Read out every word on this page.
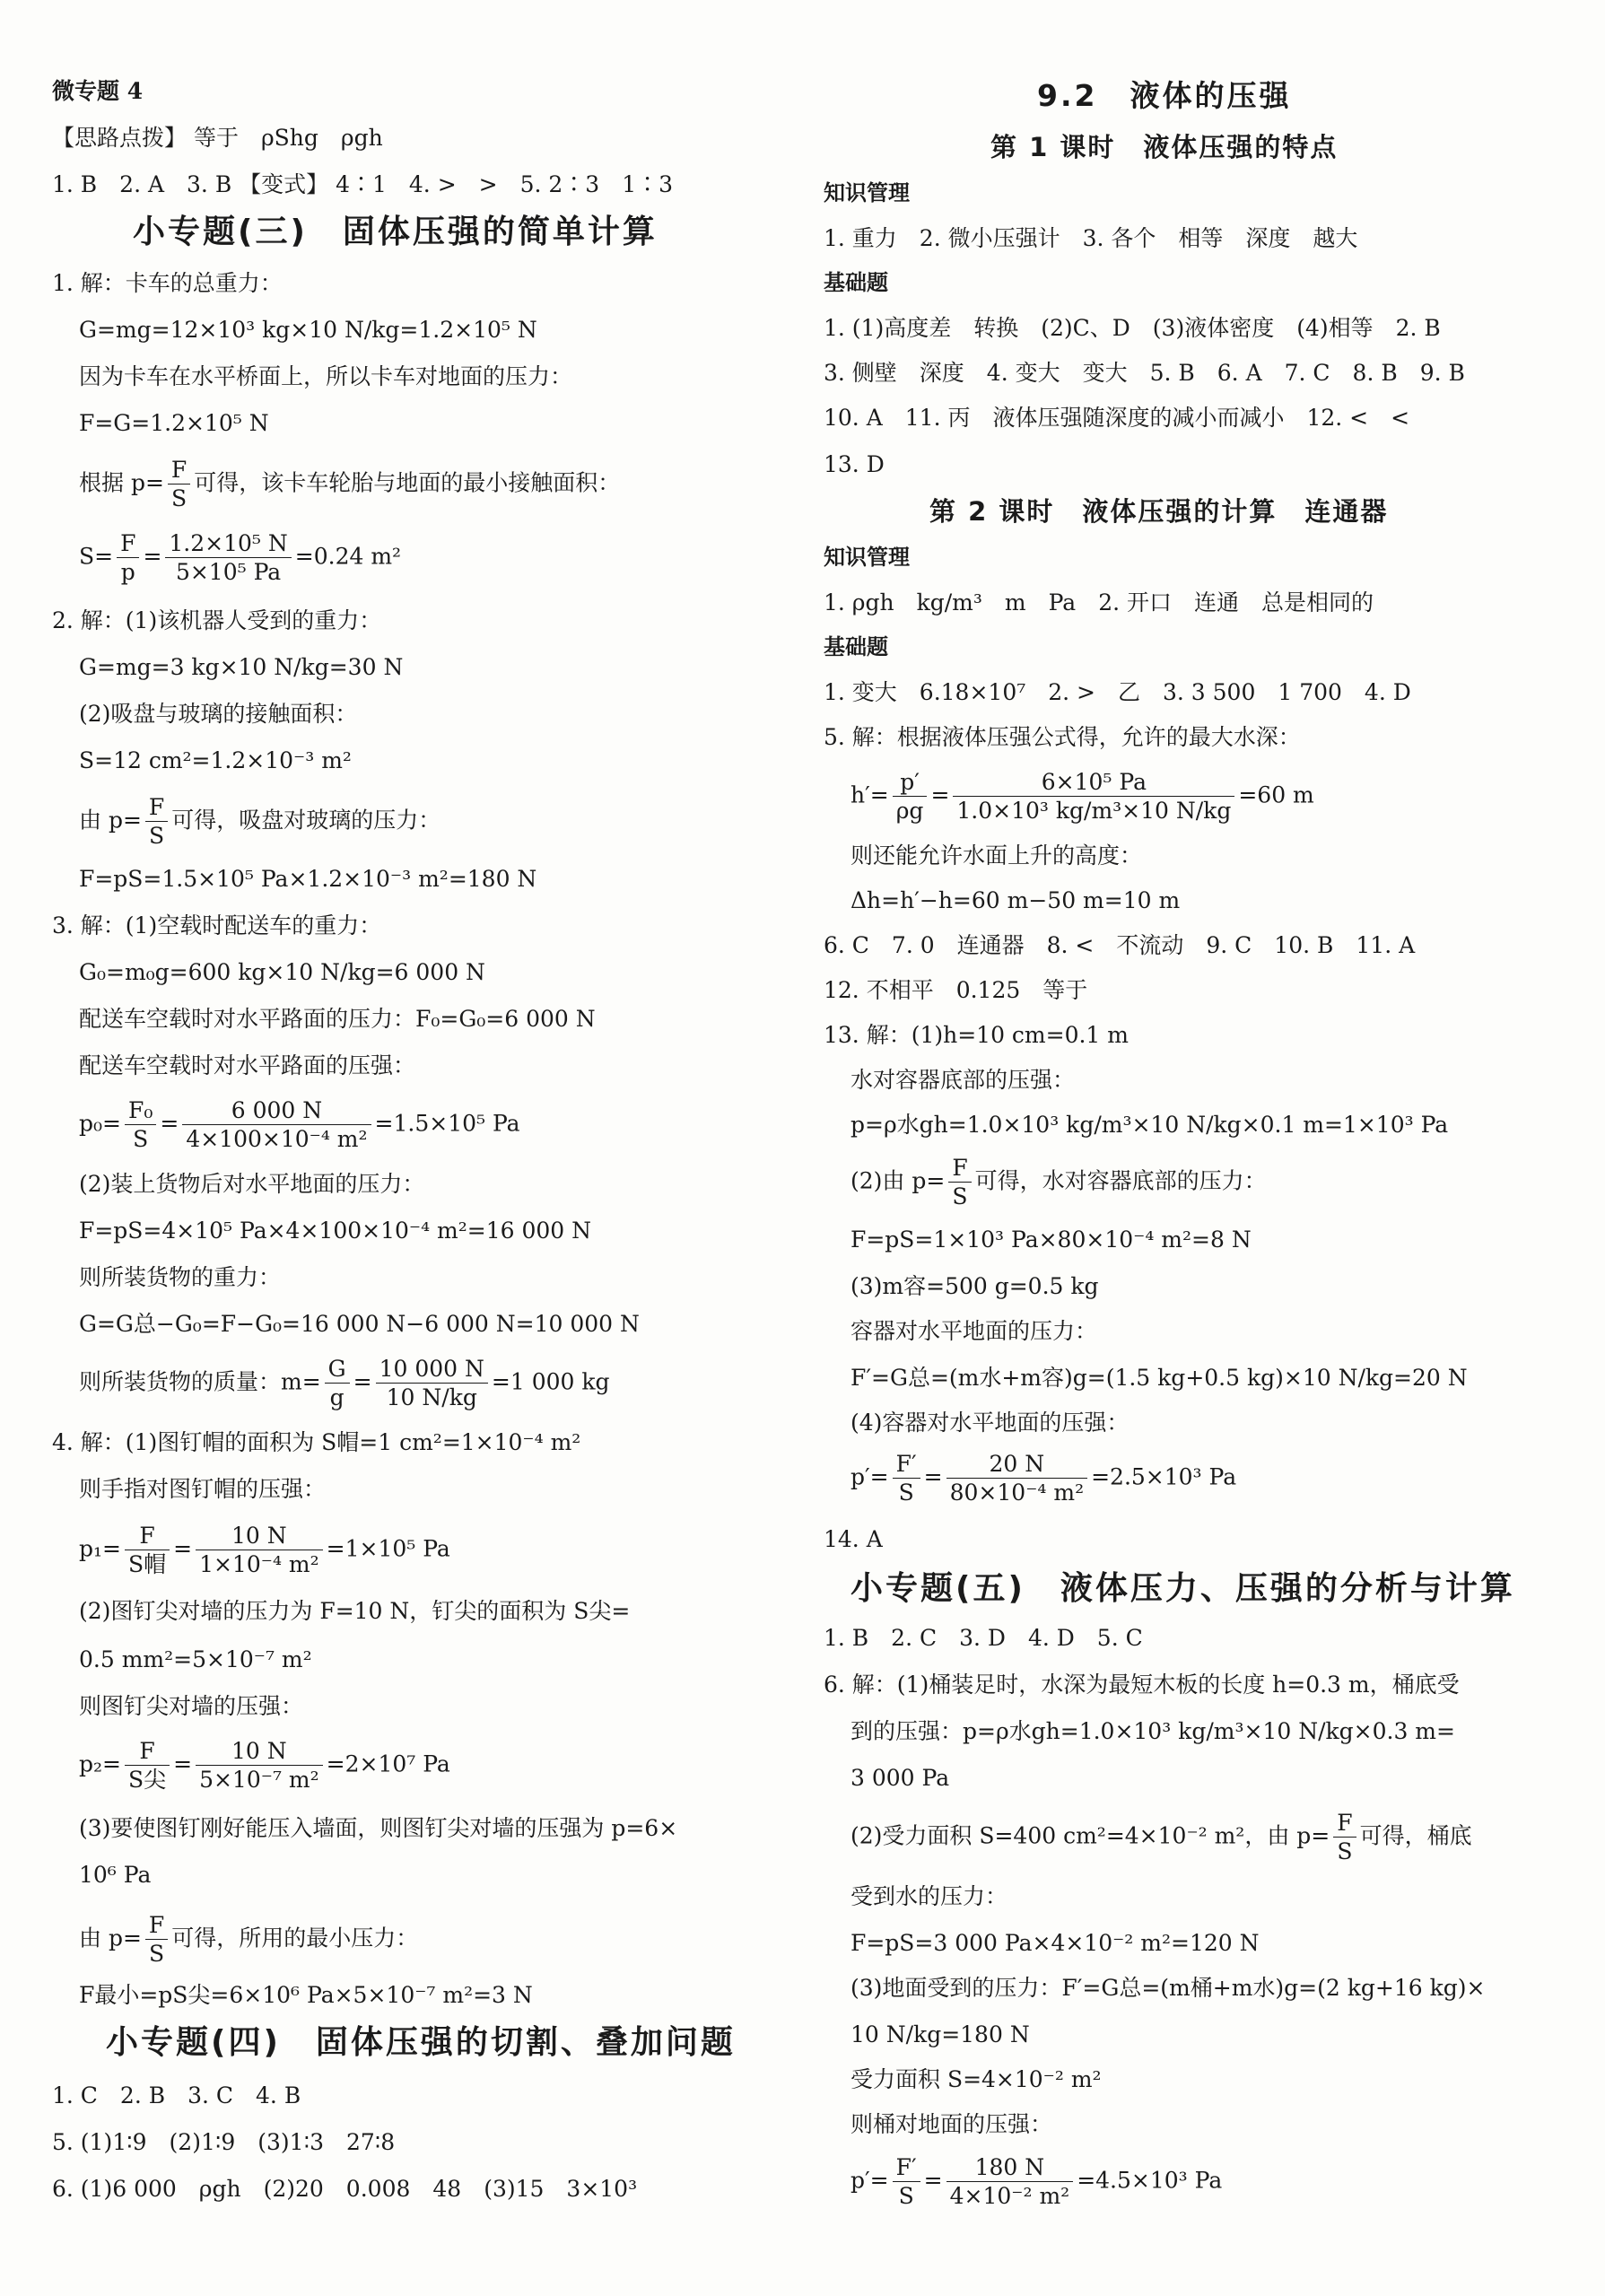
微专题 4
【思路点拨】 等于　ρShg　ρgh
1. B　2. A　3. B 【变式】 4∶1　4. >　>　5. 2∶3　1∶3
小专题(三)　固体压强的简单计算
1. 解：卡车的总重力：
G=mg=12×10³ kg×10 N/kg=1.2×10⁵ N
因为卡车在水平桥面上，所以卡车对地面的压力：
F=G=1.2×10⁵ N
根据 $p= \frac{F}{S}$ 可得，该卡车轮胎与地面的最小接触面积：
$S= \frac{F}{p} = \frac{\text{1.2×10⁵ N}}{\text{5×10⁵ Pa}} =0.24$ m²
2. 解：(1)该机器人受到的重力：
G=mg=3 kg×10 N/kg=30 N
(2)吸盘与玻璃的接触面积：
S=12 cm²=1.2×10⁻³ m²
由 $p= \frac{F}{S}$ 可得，吸盘对玻璃的压力：
F=pS=1.5×10⁵ Pa×1.2×10⁻³ m²=180 N
3. 解：(1)空载时配送车的重力：
G₀=m₀g=600 kg×10 N/kg=6 000 N
配送车空载时对水平路面的压力：F₀=G₀=6 000 N
配送车空载时对水平路面的压强：
$p_0= \frac{\text{F₀}}{S} = \frac{6 000 N}{\text{4×100×10⁻⁴ m²}} =1.5\times 10^5$ Pa
(2)装上货物后对水平地面的压力：
F=pS=4×10⁵ Pa×4×100×10⁻⁴ m²=16 000 N
则所装货物的重力：
G=G总−G₀=F−G₀=16 000 N−6 000 N=10 000 N
则所装货物的质量：$m= \frac{G}{g} = \frac{10 000 N}{10 N/kg} =1$ 000 kg
4. 解：(1)图钉帽的面积为 S帽=1 cm²=1×10⁻⁴ m²
则手指对图钉帽的压强：
$p_1= \frac{F}{\text{S帽}} = \frac{10 N}{\text{1×10⁻⁴ m²}} =1\times 10^5$ Pa
(2)图钉尖对墙的压力为 F=10 N，钉尖的面积为 S尖=
0.5 mm²=5×10⁻⁷ m²
则图钉尖对墙的压强：
$p_2= \frac{F}{\text{S尖}} = \frac{10 N}{\text{5×10⁻⁷ m²}} =2\times 10^7$ Pa
(3)要使图钉刚好能压入墙面，则图钉尖对墙的压强为 p=6×
10⁶ Pa
由 $p= \frac{F}{S}$ 可得，所用的最小压力：
F最小=pS尖=6×10⁶ Pa×5×10⁻⁷ m²=3 N
小专题(四)　固体压强的切割、叠加问题
1. C　2. B　3. C　4. B
5. (1)1∶9　(2)1∶9　(3)1∶3　27∶8
6. (1)6 000　ρgh　(2)20　0.008　48　(3)15　3×10³
9.2　液体的压强
第 1 课时　液体压强的特点
知识管理
1. 重力　2. 微小压强计　3. 各个　相等　深度　越大
基础题
1. (1)高度差　转换　(2)C、D　(3)液体密度　(4)相等　2. B
3. 侧壁　深度　4. 变大　变大　5. B　6. A　7. C　8. B　9. B
10. A　11. 丙　液体压强随深度的减小而减小　12. <　<
13. D
第 2 课时　液体压强的计算　连通器
知识管理
1. ρgh　kg/m³　m　Pa　2. 开口　连通　总是相同的
基础题
1. 变大　6.18×10⁷　2. >　乙　3. 3 500　1 700　4. D
5. 解：根据液体压强公式得，允许的最大水深：
$h'= \frac{p'}{\rho g} = \frac{\text{6×10⁵ Pa}}{\text{1.0×10³ kg/m³×10 N/kg}} =60$ m
则还能允许水面上升的高度：
Δh=h′−h=60 m−50 m=10 m
6. C　7. 0　连通器　8. <　不流动　9. C　10. B　11. A
12. 不相平　0.125　等于
13. 解：(1)h=10 cm=0.1 m
水对容器底部的压强：
p=ρ水gh=1.0×10³ kg/m³×10 N/kg×0.1 m=1×10³ Pa
(2)由 $p= \frac{F}{S}$ 可得，水对容器底部的压力：
F=pS=1×10³ Pa×80×10⁻⁴ m²=8 N
(3)m容=500 g=0.5 kg
容器对水平地面的压力：
F′=G总=(m水+m容)g=(1.5 kg+0.5 kg)×10 N/kg=20 N
(4)容器对水平地面的压强：
$p'= \frac{F'}{S} = \frac{20 N}{\text{80×10⁻⁴ m²}} =2.5\times 10^3$ Pa
14. A
小专题(五)　液体压力、压强的分析与计算
1. B　2. C　3. D　4. D　5. C
6. 解：(1)桶装足时，水深为最短木板的长度 h=0.3 m，桶底受
到的压强：p=ρ水gh=1.0×10³ kg/m³×10 N/kg×0.3 m=
3 000 Pa
(2)受力面积 S=400 cm²=4×10⁻² m²，由 $p= \frac{F}{S}$ 可得，桶底
受到水的压力：
F=pS=3 000 Pa×4×10⁻² m²=120 N
(3)地面受到的压力：F′=G总=(m桶+m水)g=(2 kg+16 kg)×
10 N/kg=180 N
受力面积 S=4×10⁻² m²
则桶对地面的压强：
$p'= \frac{F'}{S} = \frac{180 N}{\text{4×10⁻² m²}} =4.5\times 10^3$ Pa
